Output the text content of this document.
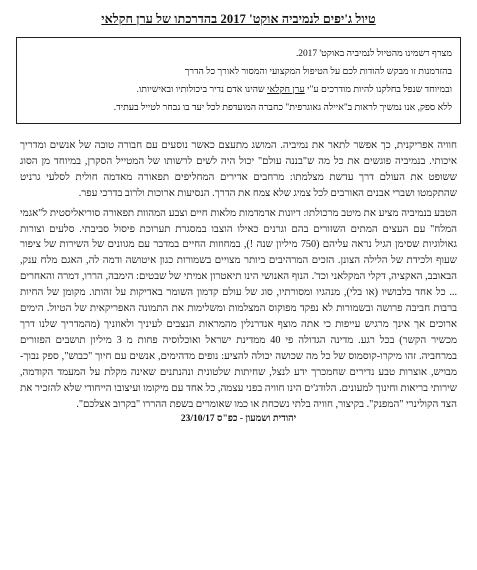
טיול ג'יפים לנמיביה אוקט' 2017 בהדרכתו של ערן חקלאי

מצרף רשמינו מהטיול לנמיביה באוקט' 2017.

בהזדמנות זו מבקש להודות לכם על הטיפול המקצועי והמסור לאורך כל הדרך

ובמיוחד שנפל בחלקנו להיות מודרכים ע"י ערן חקלאי שהינו אדם נדיר ביכולותיו ובאישיותו.

ללא ספק, אנו נמשיך לראות ב"איילה גאוגרפית" כחברה המועדפת לכל יעד בו נבחר לטייל בעתיד.

חוויה אפריקנית, כך אפשר לתאר את נמיביה. המושג מתעצם כאשר נוסעים עם חבורה טובה של אנשים ומדריך איכותי. בנמיביה פוגשים את כל מה ש"בננה עולם" יכול היה לשים לרשותו של המטייל הסקרן, במיוחד מן הסוג ששופט את העולם דרך עדשת מצלמתו: מרחבים אדירים המחליפים תפאורה מאדמה חולית לסלעי גרניט שהתקמטו ושברי אבנים האורבים לכל צמיג שלא צמח את הדרך. הנסיעות ארוכות ולרוב בדרכי עפר.

הטבע בנמיביה מציע את מיטב מרכולתו: דיונות אדמדמות מלאות חיים וצבע המהוות תפאורה סוריאליסטית ל"אגמי המלח" עם העצים המתים השזורים בהם וגרנים כאילו הוצבו במסגרת תערוכת פיסול סביבתי. סלעים וצורות גאולוגיות שסימן הגיל נראה עליהם (750 מיליון שנה !), במחוזות החיים במדבר עם מגוונים של השירות של ציפור שעוף ולכידת של הלילה הצונן. הזכים המרהיבים ביותר מצויים בשמורות כגון איטושה ודמה לה, האגם מלח ענק, הבאובב, האקציה, דקלי המקלאני וכד'. הנוף האנושי הינו תיאטרון אמיתי של שבטים: הימבה, הררו, דמרה והאחרים ... כל אחד בלבושיו (או בלי), מנהגיו ומסורתיו, סוג של עולם קדמון השומר באדיקות על זהותו. מקומן של החיות ברבות חביבה פרושה ובשמורות לא נפקד מפוקוס המצלמות ומשלימות את התמונה האפריקאית של הטיול. הימים ארוכים אך אינך מרגיש עייפות כי אתה מוצף אנדרנלין מהמראות הנצבים לעיניך ולאוזניך (מהמדריך שלנו דרך מכשיר הקשר) בכל רגע. מדינה הגדולה פי 40 ממדינת ישראל ואוכלוסיה פחות מ 3 מיליון תושבים הפזורים במרחביה. זהו מיקרו-קוסמוס של כל מה שכושה יכולה להציע: נופים מדהימים, אנשים עם חיוך "כבוש", ספק נבוך- מבויש, אוצרות טבע נדירים שחמכרך ידע לנצל, שחיתות שלטונית ונהנתנים שאינה מקלת על המעמד הקודמה, שירותי בריאות וחינוך למעונים. הלודג'ים הינו חוויה בפני עצמה, כל אחד עם מיקומו ועיצובו הייחודי שלא להזכיר את הצד הקולינרי "המפנק". בקיצור, חוויה בלתי נשכחת או כמו שאומרים בשפת ההררו "בקרוב אצלכם".

יהודית ושמעון - כפ"ס 23/10/17
